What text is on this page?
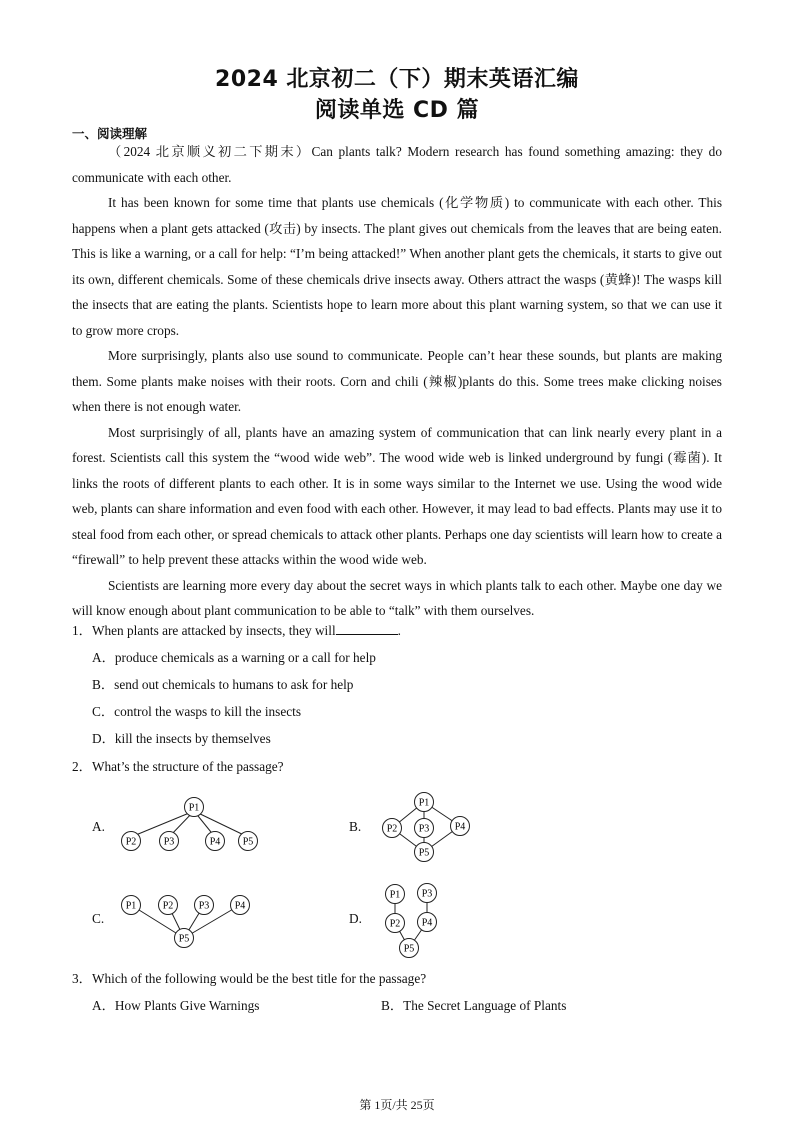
2024 北京初二（下）期末英语汇编
阅读单选 CD 篇
一、阅读理解

（2024 北京顺义初二下期末）Can plants talk? Modern research has found something amazing: they do communicate with each other.

It has been known for some time that plants use chemicals (化学物质) to communicate with each other. This happens when a plant gets attacked (攻击) by insects. The plant gives out chemicals from the leaves that are being eaten. This is like a warning, or a call for help: “I’m being attacked!” When another plant gets the chemicals, it starts to give out its own, different chemicals. Some of these chemicals drive insects away. Others attract the wasps (黄蜂)! The wasps kill the insects that are eating the plants. Scientists hope to learn more about this plant warning system, so that we can use it to grow more crops.

More surprisingly, plants also use sound to communicate. People can’t hear these sounds, but plants are making them. Some plants make noises with their roots. Corn and chili (辣椒)plants do this. Some trees make clicking noises when there is not enough water.

Most surprisingly of all, plants have an amazing system of communication that can link nearly every plant in a forest. Scientists call this system the “wood wide web”. The wood wide web is linked underground by fungi (霉菌). It links the roots of different plants to each other. It is in some ways similar to the Internet we use. Using the wood wide web, plants can share information and even food with each other. However, it may lead to bad effects. Plants may use it to steal food from each other, or spread chemicals to attack other plants. Perhaps one day scientists will learn how to create a “firewall” to help prevent these attacks within the wood wide web.

Scientists are learning more every day about the secret ways in which plants talk to each other. Maybe one day we will know enough about plant communication to be able to “talk” with them ourselves.

1．When plants are attacked by insects, they will	.
A．produce chemicals as a warning or a call for help
B．send out chemicals to humans to ask for help
C．control the wasps to kill the insects
D．kill the insects by themselves
2．What’s the structure of the passage?
A.	B.
C.	D.
P1
P2	P3	P4 P5
P1
P2 P3	P4
P5
P1	P2	P3	P4
P5
P1 P3
P2 P4
P5
3．Which of the following would be the best title for the passage?
A．How Plants Give Warnings	B．The Secret Language of Plants
第 1页/共 25页
